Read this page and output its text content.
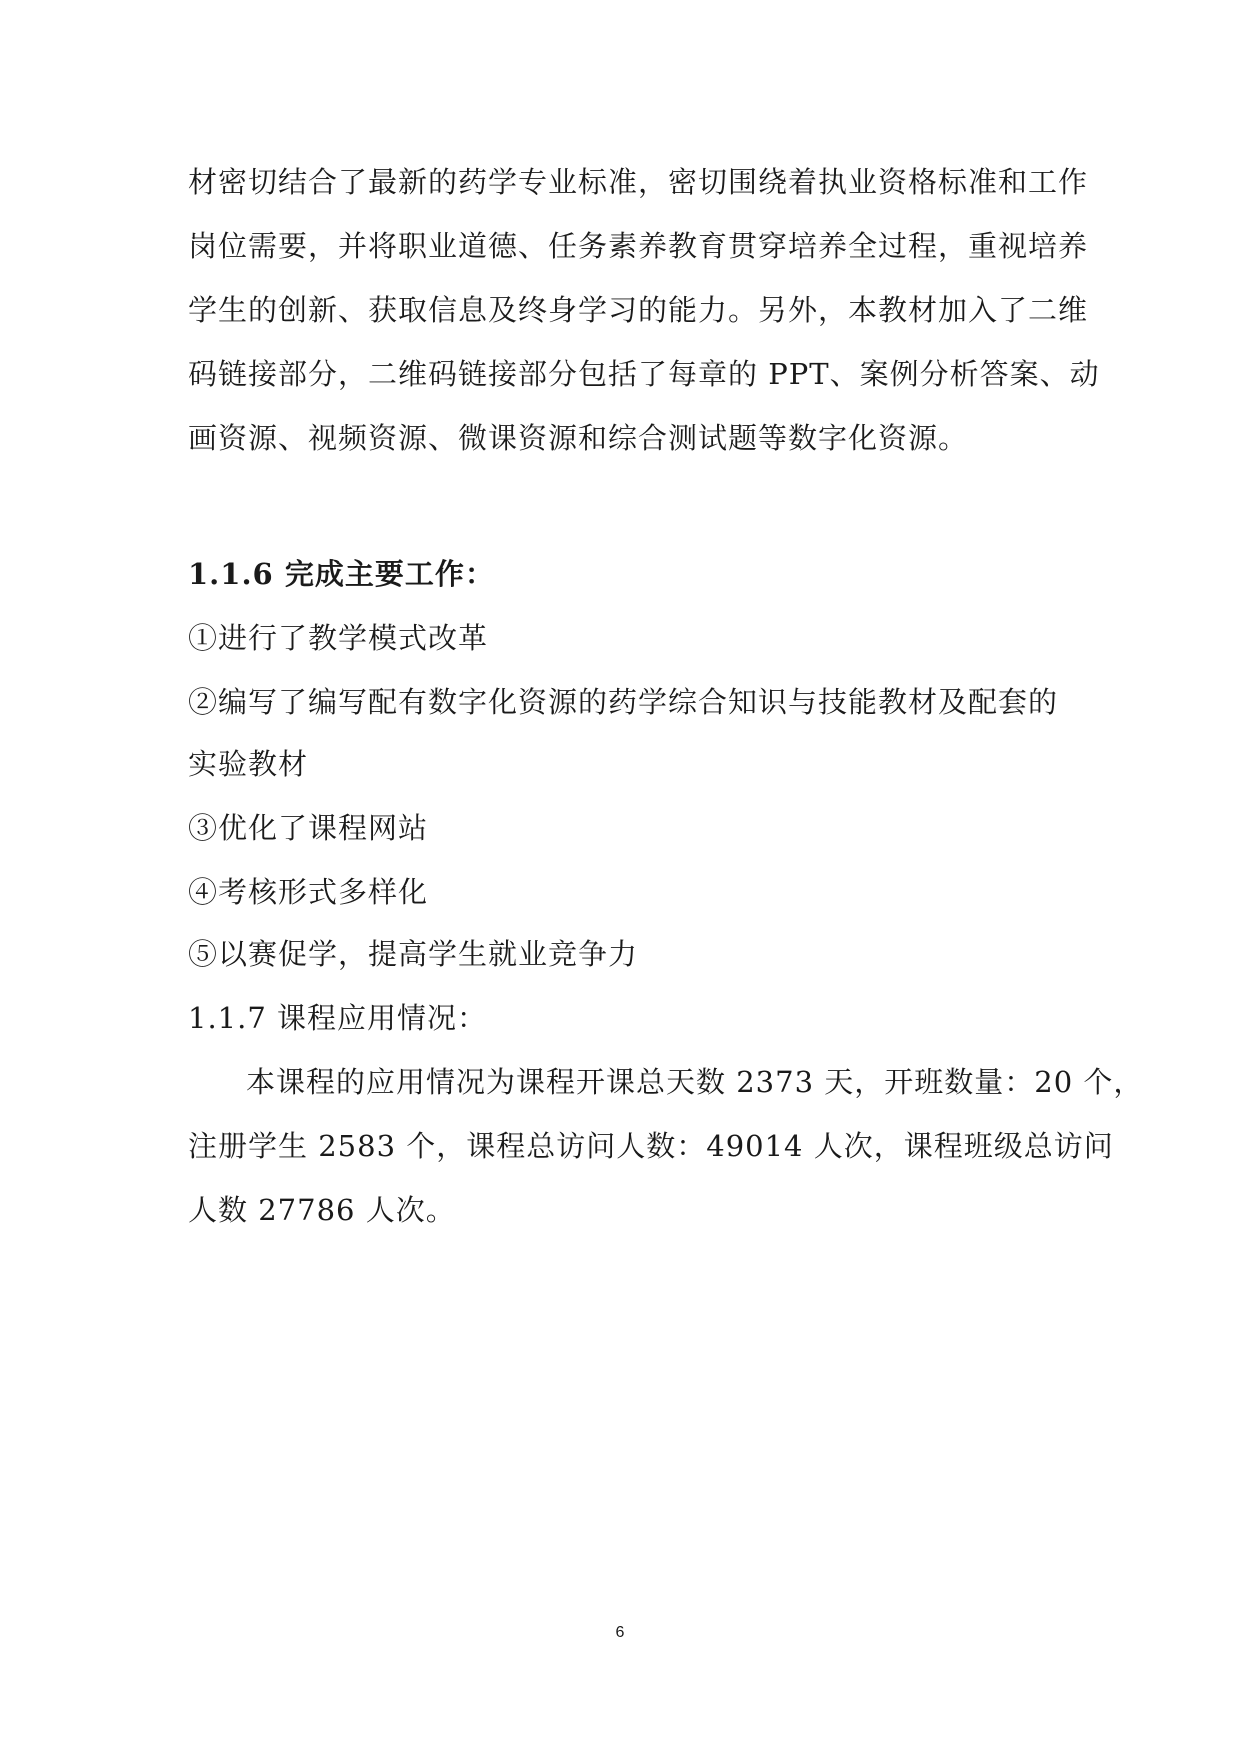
材密切结合了最新的药学专业标准，密切围绕着执业资格标准和工作
岗位需要，并将职业道德、任务素养教育贯穿培养全过程，重视培养
学生的创新、获取信息及终身学习的能力。另外，本教材加入了二维
码链接部分，二维码链接部分包括了每章的 PPT、案例分析答案、动
画资源、视频资源、微课资源和综合测试题等数字化资源。
1.1.6 完成主要工作：
①进行了教学模式改革
②编写了编写配有数字化资源的药学综合知识与技能教材及配套的
实验教材
③优化了课程网站
④考核形式多样化
⑤以赛促学，提高学生就业竞争力
1.1.7 课程应用情况：
本课程的应用情况为课程开课总天数 2373 天，开班数量：20 个，
注册学生 2583 个，课程总访问人数：49014 人次，课程班级总访问
人数 27786 人次。
6
